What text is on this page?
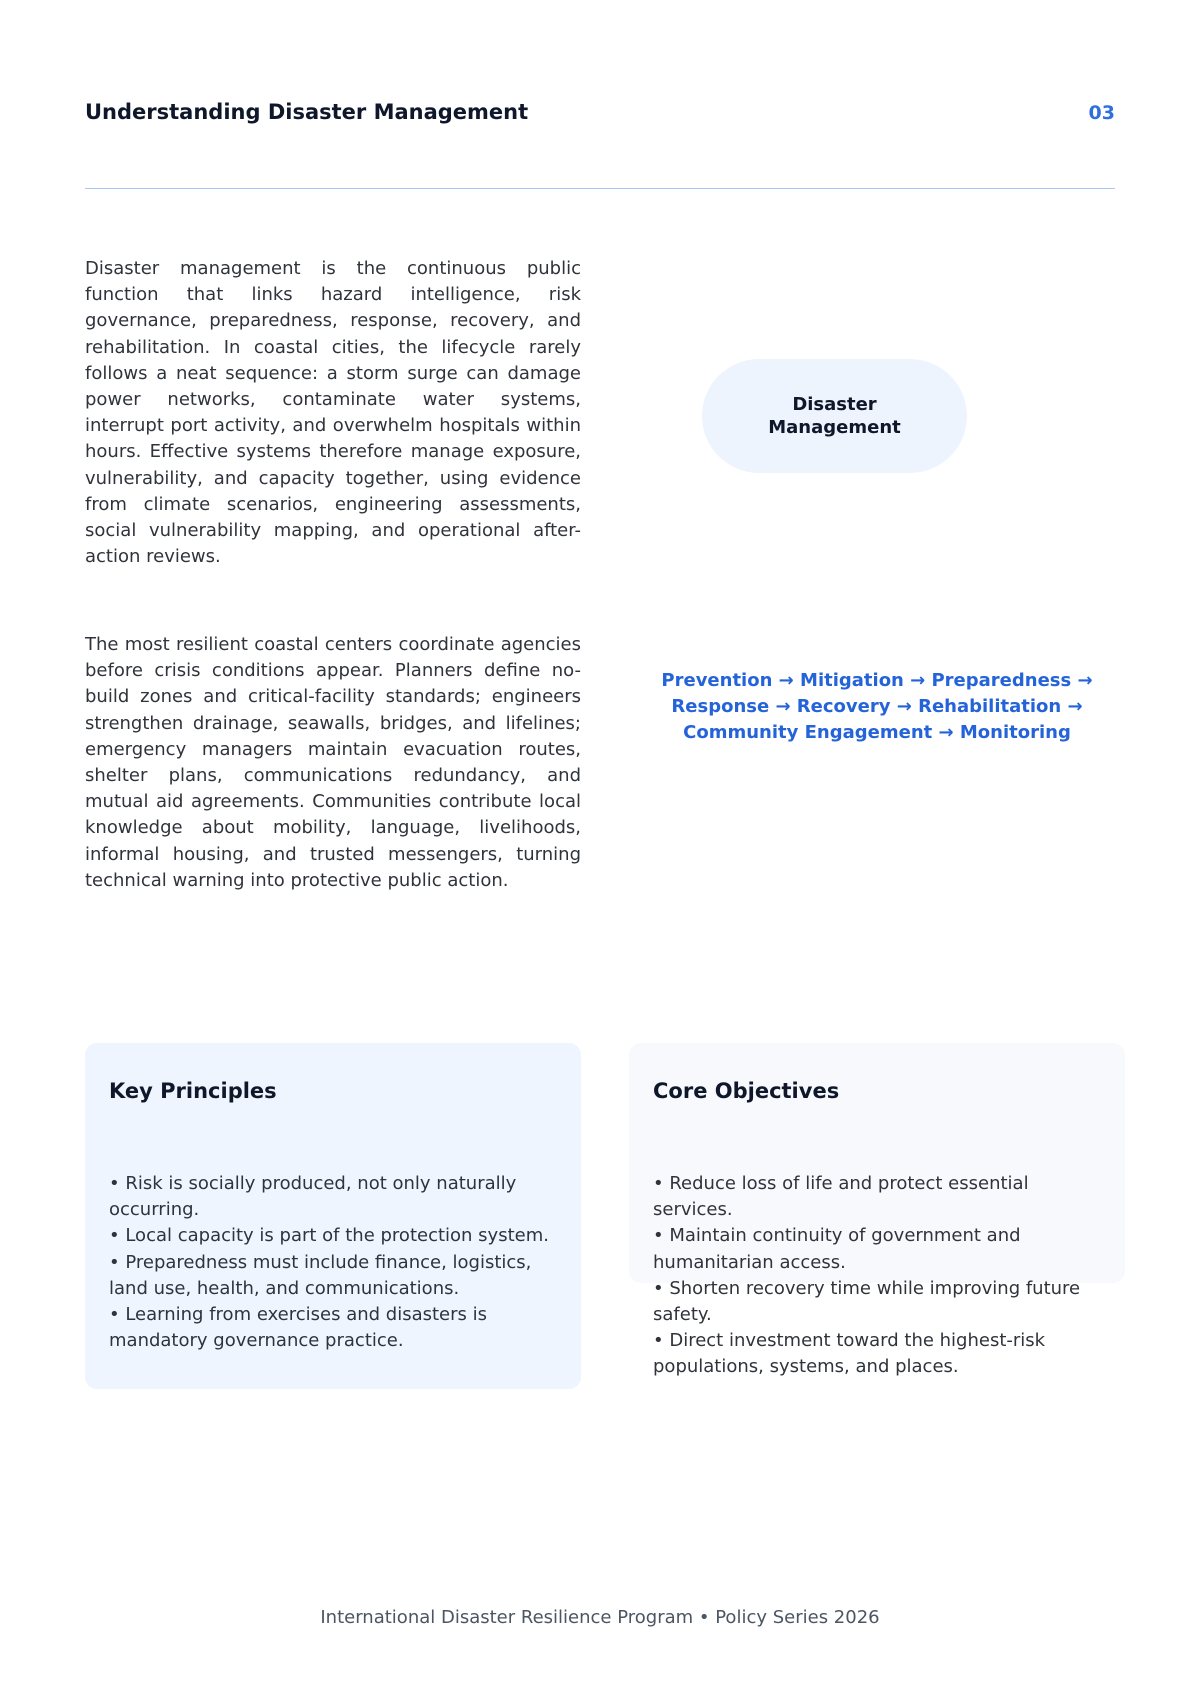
Understanding Disaster Management	03

Disaster management is the continuous public function that links hazard intelligence, risk governance, preparedness, response, recovery, and rehabilitation. In coastal cities, the lifecycle rarely follows a neat sequence: a storm surge can damage power networks, contaminate water systems, interrupt port activity, and overwhelm hospitals within hours. Effective systems therefore manage exposure, vulnerability, and capacity together, using evidence from climate scenarios, engineering assessments, social vulnerability mapping, and operational after-action reviews.

The most resilient coastal centers coordinate agencies before crisis conditions appear. Planners define no-build zones and critical-facility standards; engineers strengthen drainage, seawalls, bridges, and lifelines; emergency managers maintain evacuation routes, shelter plans, communications redundancy, and mutual aid agreements. Communities contribute local knowledge about mobility, language, livelihoods, informal housing, and trusted messengers, turning technical warning into protective public action.

Disaster Management
Prevention → Mitigation → Preparedness → Response → Recovery → Rehabilitation → Community Engagement → Monitoring
Key Principles
• Risk is socially produced, not only naturally occurring.
• Local capacity is part of the protection system.
• Preparedness must include finance, logistics, land use, health, and communications.
• Learning from exercises and disasters is mandatory governance practice.
Core Objectives
• Reduce loss of life and protect essential services.
• Maintain continuity of government and humanitarian access.
• Shorten recovery time while improving future safety.
• Direct investment toward the highest-risk populations, systems, and places.
International Disaster Resilience Program • Policy Series 2026
